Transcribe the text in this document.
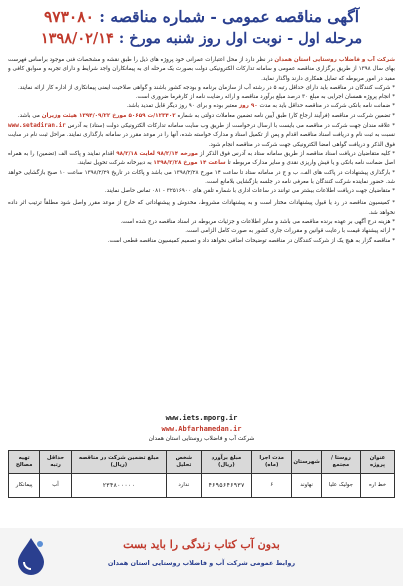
آگهی مناقصه عمومی - شماره مناقصه : ۹۷۳۰۸۰
مرحله اول - نوبت اول روز شنبه مورخ : ۱۳۹۸/۰۲/۱۴

شرکت آب و فاضلاب روستایی استان همدان در نظر دارد از محل اعتبارات عمرانی خود پروژه های ذیل را طبق نقشه و مشخصات فنی موجود براساس فهرست بهای سال ۱۳۹۸ از طریق برگزاری مناقصه عمومی و سامانه تدارکات الکترونیکی دولت بصورت یک مرحله ای به پیمانکاران واجد شرایط و دارای تجربه و سوابق کافی و مفید در امور مربوطه که تمایل همکاری دارند واگذار نماید.

* شرکت کنندگان در مناقصه باید دارای حداقل رتبه ۵ در رشته آب از سازمان برنامه و بودجه کشور باشند و گواهی صلاحیت ایمنی پیمانکاری از اداره کار ارائه نمایند.

* انجام پروژه همسان اجرایی به مبلغ ۳۰ درصد مبلغ برآورد مناقصه و ارائه رضایت نامه از کارفرما ضروری است.

* ضمانت نامه بانکی شرکت در مناقصه حداقل باید به مدت ۹۰ روز معتبر بوده و برای ۹۰ روز دیگر قابل تمدید باشد.

* تضمین شرکت در مناقصه (فرآیند ارجاع کار) طبق آیین نامه تضمین معاملات دولتی به شماره ۱۲۳۴۰۲/ت ۵۰۶۵۹ مورخ ۱۳۹۴/۰۹/۲۲ هیئت وزیران می باشد.

* علاقه مندان جهت شرکت در مناقصه می بایست با ارسال درخواست از طریق وب سایت سامانه تدارکات الکترونیکی دولت (ستاد) به آدرس www.setadiran.ir نسبت به ثبت نام و دریافت اسناد مناقصه اقدام و پس از تکمیل اسناد و مدارک خواسته شده، آنها را در موعد مقرر در سامانه بارگذاری نمایند. مراحل ثبت نام در سایت فوق الذکر و دریافت گواهی امضا الکترونیکی جهت شرکت در مناقصه انجام شود.

* کلیه متقاضیان دریافت اسناد مناقصه از طریق سامانه ستاد به آدرس فوق الذکر از مورخه ۹۸/۲/۱۴ لغایت ۹۸/۲/۱۸ اقدام نمایند و پاکت الف (تضمین) را به همراه اصل ضمانت نامه بانکی و یا فیش واریزی نقدی و سایر مدارک مربوطه تا ساعت ۱۴ مورخ ۱۳۹۸/۲/۲۸ به دبیرخانه شرکت تحویل نمایند.

* بارگذاری پیشنهادات در پاکت های الف، ب و ج در سامانه ستاد تا ساعت ۱۴ مورخ ۱۳۹۸/۲/۲۸ می باشد و پاکات در تاریخ ۱۳۹۸/۲/۲۹ ساعت ۱۰ صبح بازگشایی خواهد شد. حضور نماینده شرکت کنندگان با معرفی نامه در جلسه بازگشایی بلامانع است.

* متقاضیان جهت دریافت اطلاعات بیشتر می توانند در ساعات اداری با شماره تلفن های ۳۲۵۱۶۹۰۰ - ۰۸۱ تماس حاصل نمایند.

* کمیسیون مناقصه در رد یا قبول پیشنهادات مختار است و به پیشنهادات مشروط، مخدوش و پیشنهاداتی که خارج از موعد مقرر واصل شود مطلقاً ترتیب اثر داده نخواهد شد.

* هزینه درج آگهی بر عهده برنده مناقصه می باشد و سایر اطلاعات و جزئیات مربوطه در اسناد مناقصه درج شده است.

* ارائه پیشنهاد قیمت با رعایت قوانین و مقررات جاری کشور به صورت کامل الزامی است.

* مناقصه گزار به هیچ یک از شرکت کنندگان در مناقصه توضیحات اضافی نخواهد داد و تصمیم کمیسیون مناقصه قطعی است.

www.iets.mporg.ir
www.Abfarhamedan.ir
شرکت آب و فاضلاب روستایی استان همدان
عنوان پروژه	روستا / مجتمع	شهرستان	مدت اجرا (ماه)	مبلغ برآورد (ریال)	شخص تحلیل	مبلغ تضمین شرکت در مناقصه (ریال)	حداقل رتبه	تهیه مصالح
خط اره	جولیک علیا	نهاوند	۶	۴۶۹۵۶۴۶۹۳۷	ندارد	۲۳۴۸۰۰۰۰۰	آب	پیمانکار
بدون آب کتاب زندگی را باید بست
روابط عمومی شرکت آب و فاضلاب روستایی استان همدان
